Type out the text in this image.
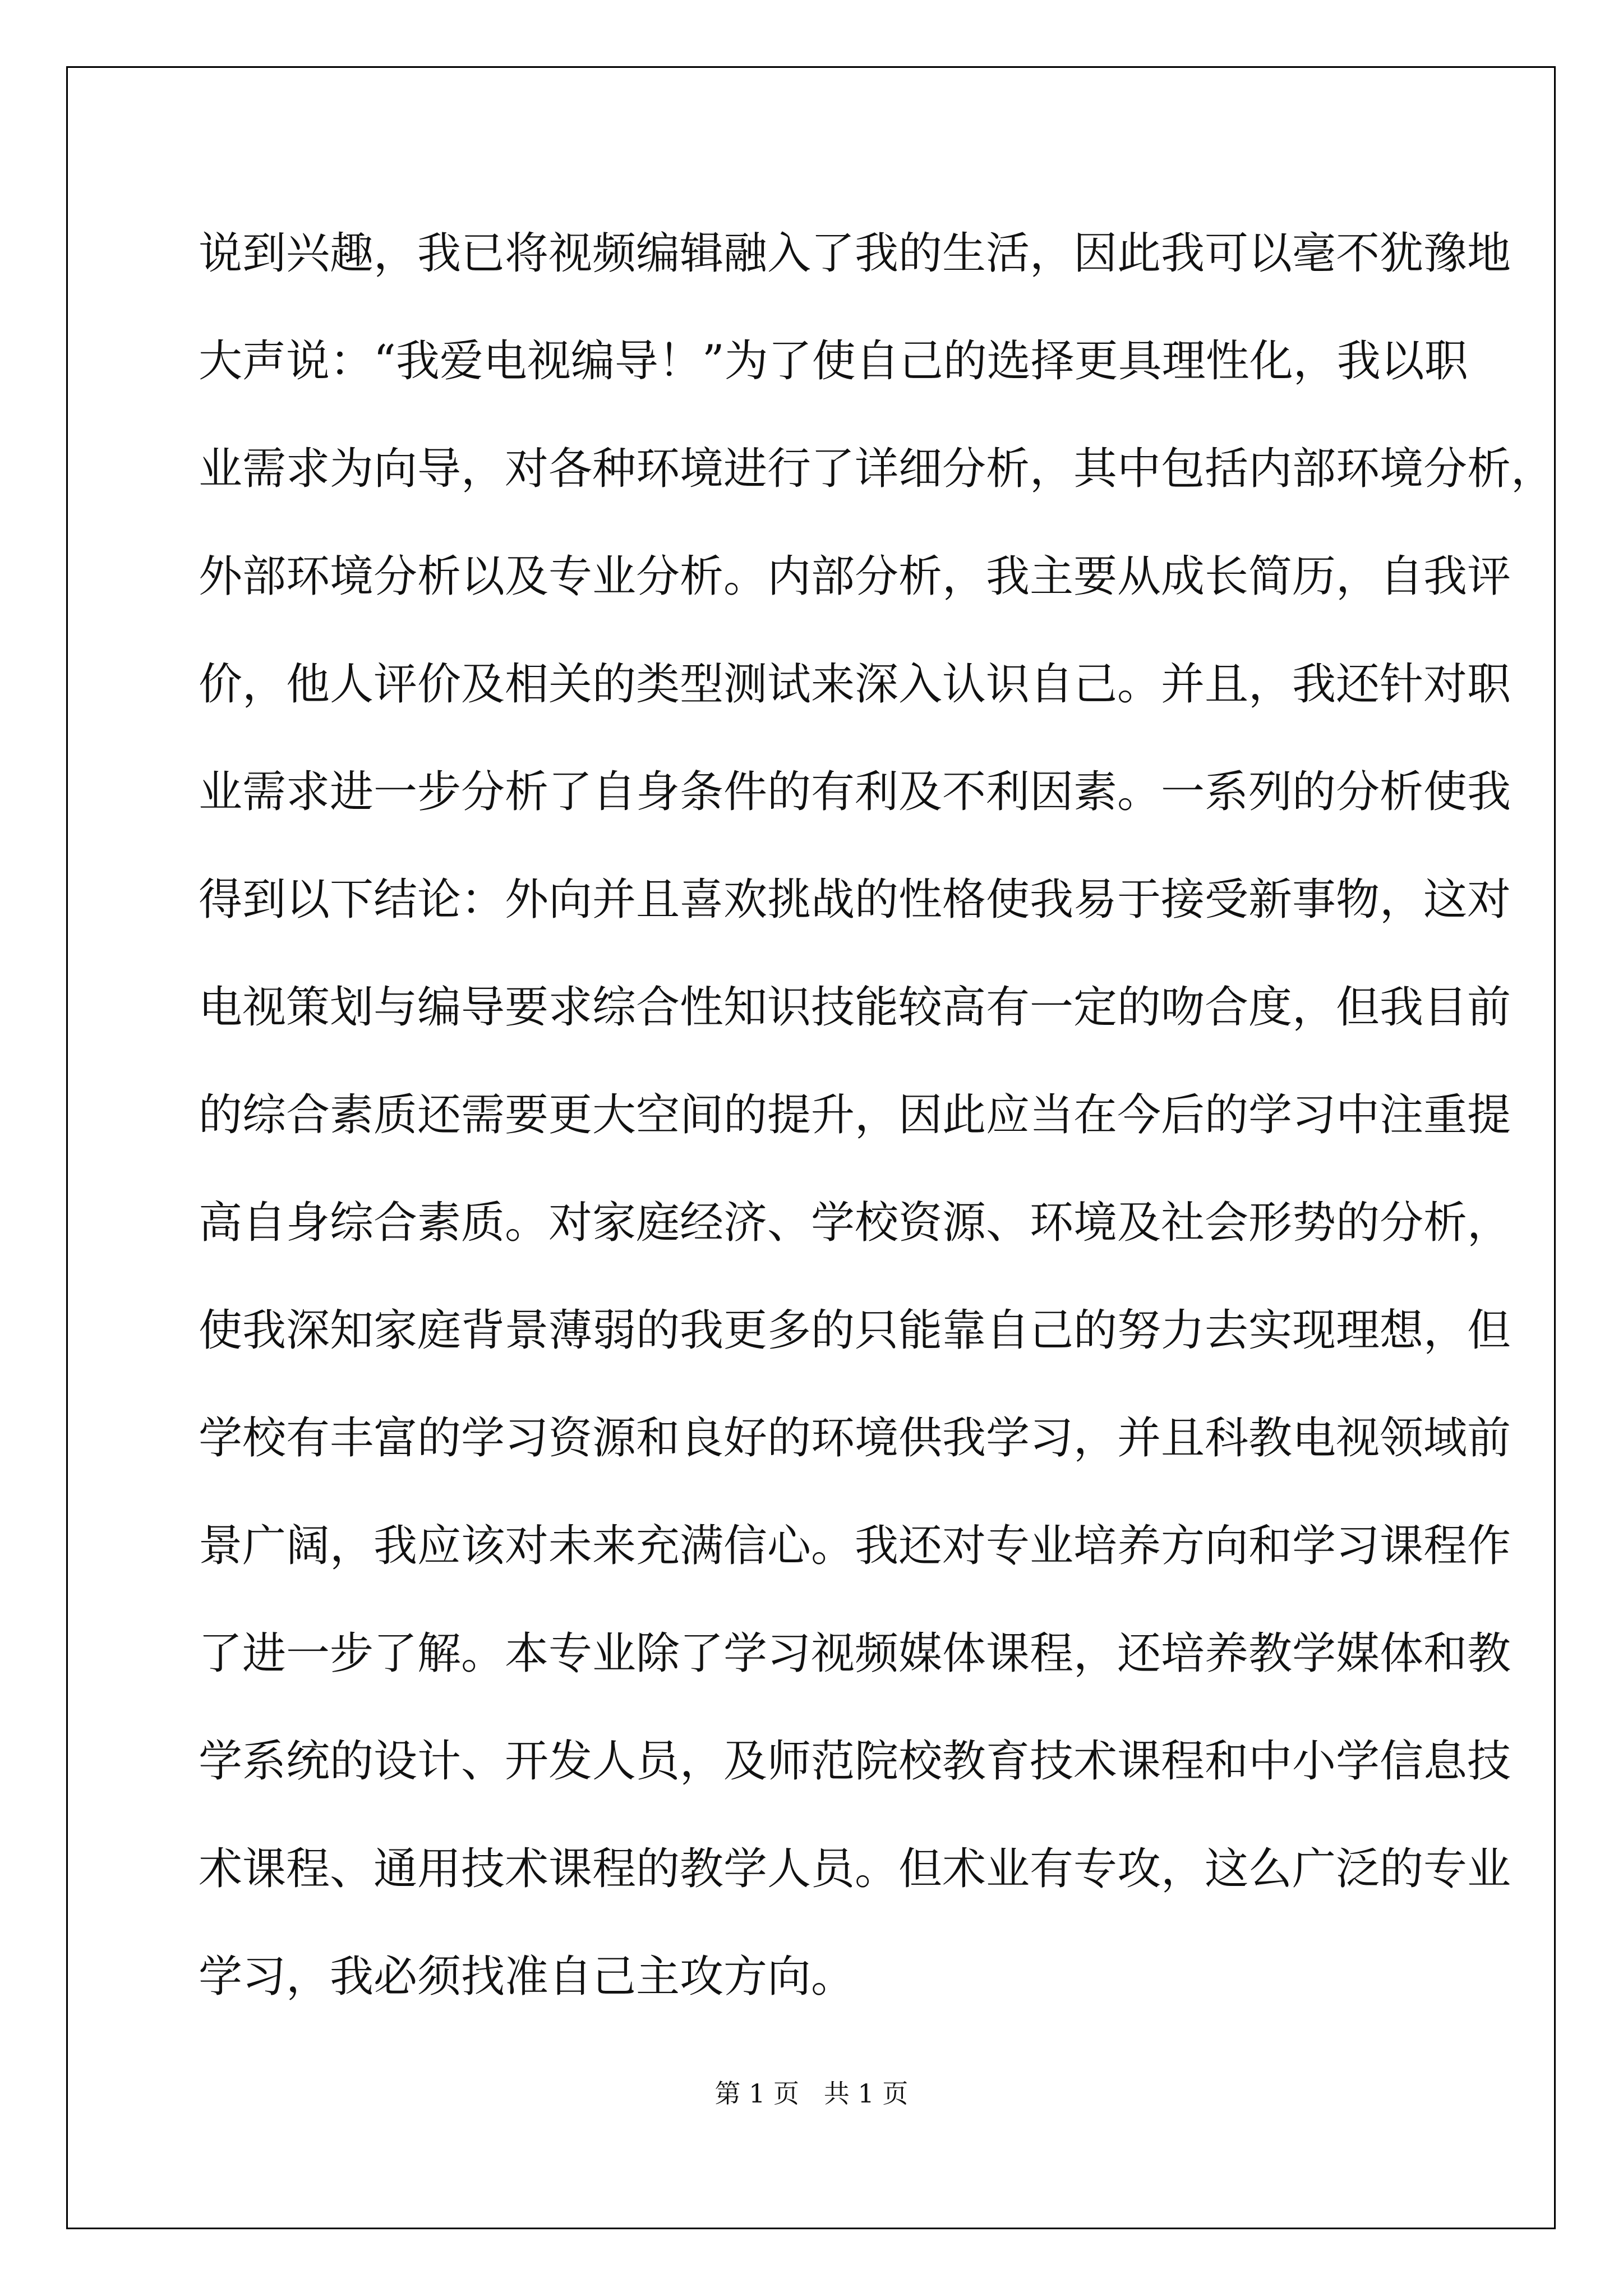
说到兴趣，我已将视频编辑融入了我的生活，因此我可以毫不犹豫地
大声说：“我爱电视编导！”为了使自己的选择更具理性化，我以职
业需求为向导，对各种环境进行了详细分析，其中包括内部环境分析，
外部环境分析以及专业分析。内部分析，我主要从成长简历，自我评
价，他人评价及相关的类型测试来深入认识自己。并且，我还针对职
业需求进一步分析了自身条件的有利及不利因素。一系列的分析使我
得到以下结论：外向并且喜欢挑战的性格使我易于接受新事物，这对
电视策划与编导要求综合性知识技能较高有一定的吻合度，但我目前
的综合素质还需要更大空间的提升，因此应当在今后的学习中注重提
高自身综合素质。对家庭经济、学校资源、环境及社会形势的分析，
使我深知家庭背景薄弱的我更多的只能靠自己的努力去实现理想，但
学校有丰富的学习资源和良好的环境供我学习，并且科教电视领域前
景广阔，我应该对未来充满信心。我还对专业培养方向和学习课程作
了进一步了解。本专业除了学习视频媒体课程，还培养教学媒体和教
学系统的设计、开发人员，及师范院校教育技术课程和中小学信息技
术课程、通用技术课程的教学人员。但术业有专攻，这么广泛的专业
学习，我必须找准自己主攻方向。
第 1 页   共 1 页
